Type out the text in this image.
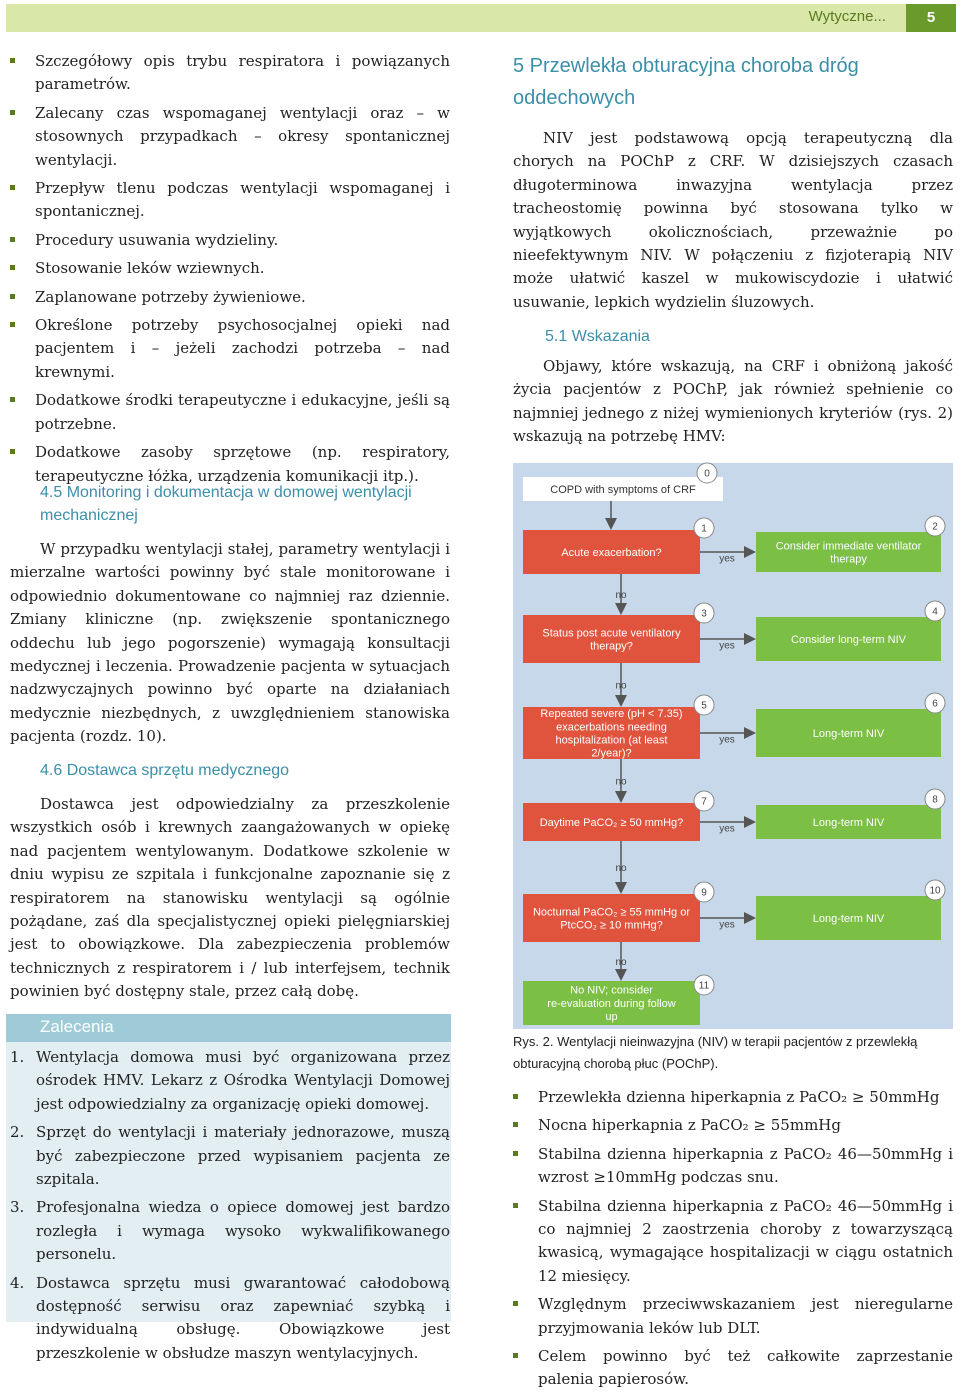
Wytyczne...	5
Szczegółowy opis trybu respiratora i powiązanych parametrów.
Zalecany czas wspomaganej wentylacji oraz – w stosownych przypadkach – okresy spontanicznej wentylacji.
Przepływ tlenu podczas wentylacji wspomaganej i spontanicznej.
Procedury usuwania wydzieliny.
Stosowanie leków wziewnych.
Zaplanowane potrzeby żywieniowe.
Określone potrzeby psychosocjalnej opieki nad pacjentem i – jeżeli zachodzi potrzeba – nad krewnymi.
Dodatkowe środki terapeutyczne i edukacyjne, jeśli są potrzebne.
Dodatkowe zasoby sprzętowe (np. respiratory, terapeutyczne łóżka, urządzenia komunikacji itp.).
4.5 Monitoring i dokumentacja w domowej wentylacji mechanicznej

W przypadku wentylacji stałej, parametry wentylacji i mierzalne wartości powinny być stale monitorowane i odpowiednio dokumentowane co najmniej raz dziennie. Zmiany kliniczne (np. zwiększenie spontanicznego oddechu lub jego pogorszenie) wymagają konsultacji medycznej i leczenia. Prowadzenie pacjenta w sytuacjach nadzwyczajnych powinno być oparte na działaniach medycznie niezbędnych, z uwzględnieniem stanowiska pacjenta (rozdz. 10).

4.6 Dostawca sprzętu medycznego

Dostawca jest odpowiedzialny za przeszkolenie wszystkich osób i krewnych zaangażowanych w opiekę nad pacjentem wentylowanym. Dodatkowe szkolenie w dniu wypisu ze szpitala i funkcjonalne zapoznanie się z respiratorem na stanowisku wentylacji są ogólnie pożądane, zaś dla specjalistycznej opieki pielęgniarskiej jest to obowiązkowe. Dla zabezpieczenia problemów technicznych z respiratorem i / lub interfejsem, technik powinien być dostępny stale, przez całą dobę.

Zalecenia
1. Wentylacja domowa musi być organizowana przez ośrodek HMV. Lekarz z Ośrodka Wentylacji Domowej jest odpowiedzialny za organizację opieki domowej.
2. Sprzęt do wentylacji i materiały jednorazowe, muszą być zabezpieczone przed wypisaniem pacjenta ze szpitala.
3. Profesjonalna wiedza o opiece domowej jest bardzo rozległa i wymaga wysoko wykwalifikowanego personelu.
4. Dostawca sprzętu musi gwarantować całodobową dostępność serwisu oraz zapewniać szybką i indywidualną obsługę. Obowiązkowe jest przeszkolenie w obsłudze maszyn wentylacyjnych.
5 Przewlekła obturacyjna choroba dróg oddechowych

NIV jest podstawową opcją terapeutyczną dla chorych na POChP z CRF. W dzisiejszych czasach długoterminowa inwazyjna wentylacja przez tracheostomię powinna być stosowana tylko w wyjątkowych okolicznościach, przeważnie po nieefektywnym NIV. W połączeniu z fizjoterapią NIV może ułatwić kaszel w mukowiscydozie i ułatwić usuwanie, lepkich wydzielin śluzowych.

5.1 Wskazania

Objawy, które wskazują, na CRF i obniżoną jakość życia pacjentów z POChP, jak również spełnienie co najmniej jednego z niżej wymienionych kryteriów (rys. 2) wskazują na potrzebę HMV:

COPD with symptoms of CRF
0
Acute exacerbation?
1
Consider immediate ventilator therapy
2
yes
no
Status post acute ventilatory therapy?
3
Consider long-term NIV
4
yes
no
Repeated severe (pH < 7.35) exacerbations needing hospitalization (at least 2/year)?
5
Long-term NIV
6
yes
no
Daytime PaCO₂ ≥ 50 mmHg?
7
Long-term NIV
8
yes
no
Nocturnal PaCO₂ ≥ 55 mmHg or PtcCO₂ ≥ 10 mmHg?
9
Long-term NIV
10
yes
no
No NIV; consider re-evaluation during follow up
11

Rys. 2. Wentylacji nieinwazyjna (NIV) w terapii pacjentów z przewlekłą obturacyjną chorobą płuc (POChP).

Przewlekła dzienna hiperkapnia z PaCO₂ ≥ 50mmHg
Nocna hiperkapnia z PaCO₂ ≥ 55mmHg
Stabilna dzienna hiperkapnia z PaCO₂ 46—50mmHg i wzrost ≥10mmHg podczas snu.
Stabilna dzienna hiperkapnia z PaCO₂ 46—50mmHg i co najmniej 2 zaostrzenia choroby z towarzyszącą kwasicą, wymagające hospitalizacji w ciągu ostatnich 12 miesięcy.
Względnym przeciwwskazaniem jest nieregularne przyjmowania leków lub DLT.
Celem powinno być też całkowite zaprzestanie palenia papierosów.
